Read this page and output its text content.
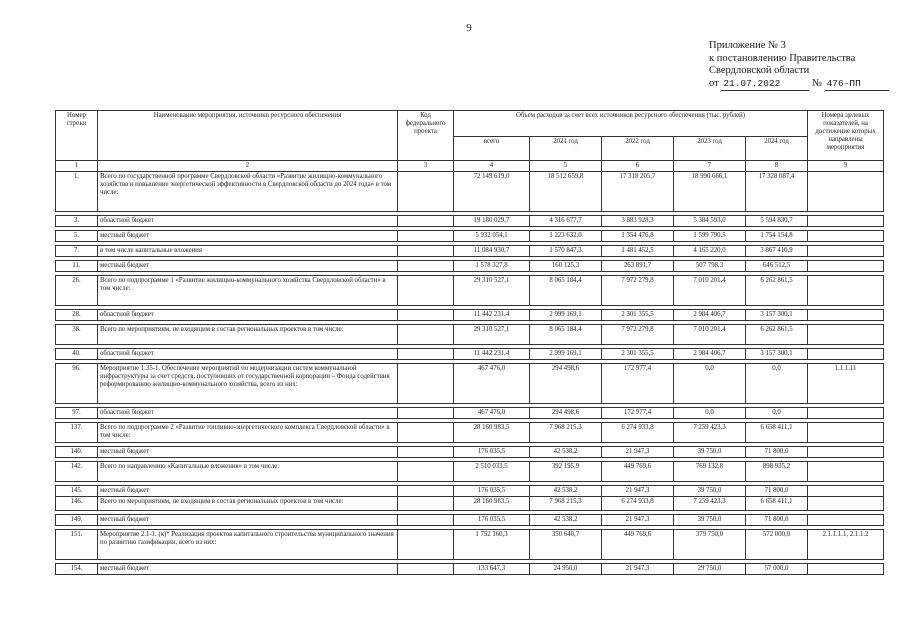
9
Приложение № 3
к постановлению Правительства
Свердловской области
от 21.07.2022	№ 476-ПП
Номер строки	Наименование мероприятия, источники ресурсного обеспечения	Код федерального проекта	Объем расходов за счет всех источников ресурсного обеспечения (тыс. рублей)					Номера целевых показателей, на достижение которых направлены мероприятия
			всего	2021 год	2022 год	2023 год	2024 год	
1	2	3	4	5	6	7	8	9
1.	Всего по государственной программе Свердловской области «Развитие жилищно-коммунального хозяйства и повышение энергетической эффективности в Свердловской области до 2024 года» в том числе:		72 149 619,0	18 512 659,8	17 318 205,7	18 990 666,1	17 328 087,4	

3.	областной бюджет		19 180 029,7	4 316 677,7	3 883 928,3	5 384 593,0	5 594 830,7	

5.	местный бюджет		5 932 054,1	1 223 632,0	1 354 476,8	1 599 790,5	1 754 154,8	

7.	в том числе капитальные вложения		11 084 930,7	1 570 847,3	1 481 452,5	4 165 220,0	3 867 410,9	

11.	местный бюджет		1 578 327,8	160 125,3	263 891,7	507 798,3	646 512,5	

26.	Всего по подпрограмме 1 «Развитие жилищно-коммунального хозяйства Свердловской области» в том числе:		29 310 527,1	8 065 184,4	7 972 279,8	7 010 201,4	6 262 861,5	

28.	областной бюджет		11 442 231,4	2 999 169,1	2 301 355,5	2 984 406,7	3 157 300,1	

38.	Всего по мероприятиям, не входящим в состав региональных проектов в том числе:		29 310 527,1	8 065 184,4	7 972 279,8	7 010 201,4	6 262 861,5	

40.	областной бюджет		11 442 231,4	2 999 169,1	2 301 355,5	2 984 406,7	3 157 300,1	

96.	Мероприятие 1.35-1. Обеспечение мероприятий по модернизации систем коммунальной инфраструктуры за счет средств, поступивших от государственной корпорации – Фонда содействия реформированию жилищно-коммунального хозяйства, всего из них:		467 476,0	294 498,6	172 977,4	0,0	0,0	1.1.1.11

97.	областной бюджет		467 476,0	294 498,6	172 977,4	0,0	0,0	

137.	Всего по подпрограмме 2 «Развитие топливно-энергетического комплекса Свердловской области» в том числе:		28 160 983,5	7 968 215,3	6 274 933,8	7 259 423,3	6 658 411,1	

140.	местный бюджет		176 035,5	42 538,2	21 947,3	39 750,0	71 800,0	

142.	Всего по направлению «Капитальные вложения» в том числе:		2 510 033,5	392 195,9	449 769,6	769 132,8	898 935,2	

145.	местный бюджет		176 035,5	42 538,2	21 947,3	39 750,0	71 800,0	
146.	Всего по мероприятиям, не входящим в состав региональных проектов в том числе:		28 160 983,5	7 968 215,3	6 274 933,8	7 259 423,3	6 658 411,1	

149.	местный бюджет		176 035,5	42 538,2	21 947,3	39 750,0	71 800,0	

151.	Мероприятие 2.1-1. (к)* Реализация проектов капитального строительства муниципального значения по развитию газификации, всего из них:		1 752 160,3	350 640,7	449 769,6	379 750,0	572 000,0	2.1.1.1.1, 2.1.1.2

154.	местный бюджет		133 647,3	24 950,0	21 947,3	29 750,0	57 000,0	
